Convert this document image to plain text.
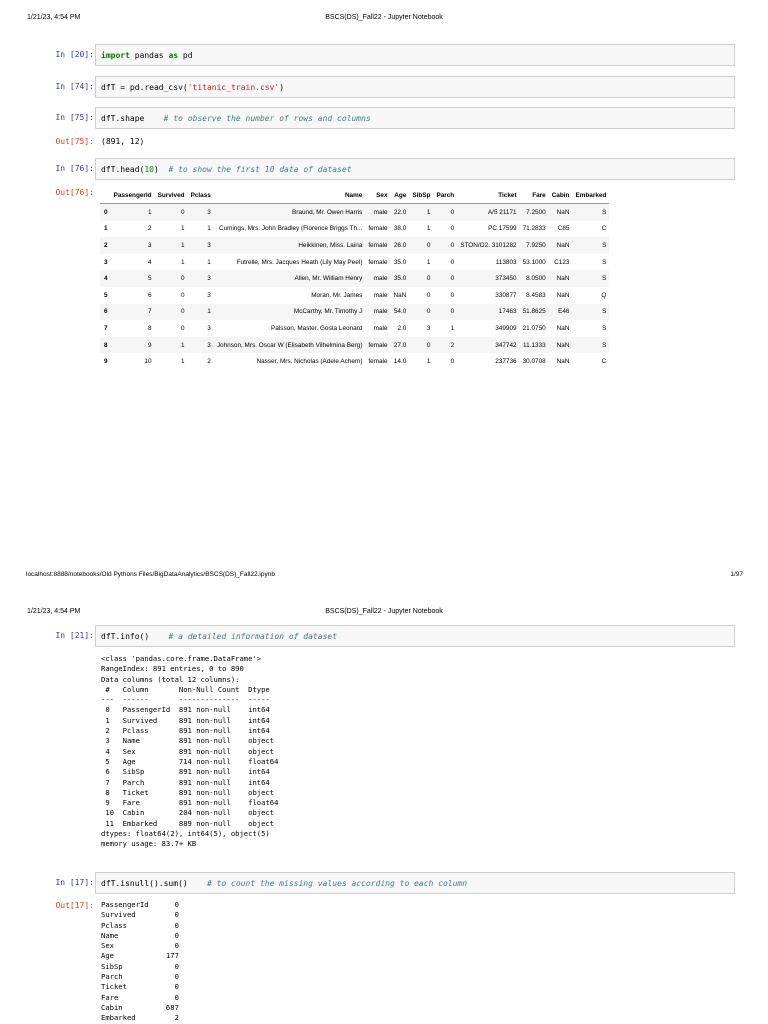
1/21/23, 4:54 PM	BSCS(DS)_Fall22 - Jupyter Notebook
In [20]: import pandas as pd
In [74]: dfT = pd.read_csv( 'titanic_train.csv' )
In [75]: dfT.shape # to observe the number of rows and columns
Out[75]: (891, 12)
In [76]: dfT.head( 10 ) # to show the first 10 data of dataset
Out[76]:
		PassengerId	Survived	Pclass	Name	Sex	Age	SibSp	Parch	Ticket	Fare	Cabin	Embarked
0	1	0	3	Braund, Mr. Owen Harris	male	22.0	1	0	A/5 21171	7.2500	NaN	S
1	2	1	1	Cumings, Mrs. John Bradley (Florence Briggs Th...	female	38.0	1	0	PC 17599	71.2833	C85	C
2	3	1	3	Heikkinen, Miss. Laina	female	26.0	0	0	STON/O2. 3101282	7.9250	NaN	S
3	4	1	1	Futrelle, Mrs. Jacques Heath (Lily May Peel)	female	35.0	1	0	113803	53.1000	C123	S
4	5	0	3	Allen, Mr. William Henry	male	35.0	0	0	373450	8.0500	NaN	S
5	6	0	3	Moran, Mr. James	male	NaN	0	0	330877	8.4583	NaN	Q
6	7	0	1	McCarthy, Mr. Timothy J	male	54.0	0	0	17463	51.8625	E46	S
7	8	0	3	Palsson, Master. Gosta Leonard	male	2.0	3	1	349909	21.0750	NaN	S
8	9	1	3	Johnson, Mrs. Oscar W (Elisabeth Vilhelmina Berg)	female	27.0	0	2	347742	11.1333	NaN	S
9	10	1	2	Nasser, Mrs. Nicholas (Adele Achem)	female	14.0	1	0	237736	30.0708	NaN	C
localhost:8888/notebooks/Old Pythons Files/BigDataAnalytics/BSCS(DS)_Fall22.ipynb	1/97
1/21/23, 4:54 PM	BSCS(DS)_Fall22 - Jupyter Notebook
In [21]: dfT.info() # a detailed information of dataset
<class 'pandas.core.frame.DataFrame'>
RangeIndex: 891 entries, 0 to 890
Data columns (total 12 columns):
#   Column       Non-Null Count  Dtype
---  ------       --------------  -----
0   PassengerId  891 non-null    int64
1   Survived     891 non-null    int64
2   Pclass       891 non-null    int64
3   Name         891 non-null    object
4   Sex          891 non-null    object
5   Age          714 non-null    float64
6   SibSp        891 non-null    int64
7   Parch        891 non-null    int64
8   Ticket       891 non-null    object
9   Fare         891 non-null    float64
10  Cabin        204 non-null    object
11  Embarked     889 non-null    object
dtypes: float64(2), int64(5), object(5)
memory usage: 83.7+ KB
In [17]: dfT.isnull().sum() # to count the missing values according to each column
Out[17]: PassengerId      0
Survived         0
Pclass           0
Name             0
Sex              0
Age            177
SibSp            0
Parch            0
Ticket           0
Fare             0
Cabin          687
Embarked         2
